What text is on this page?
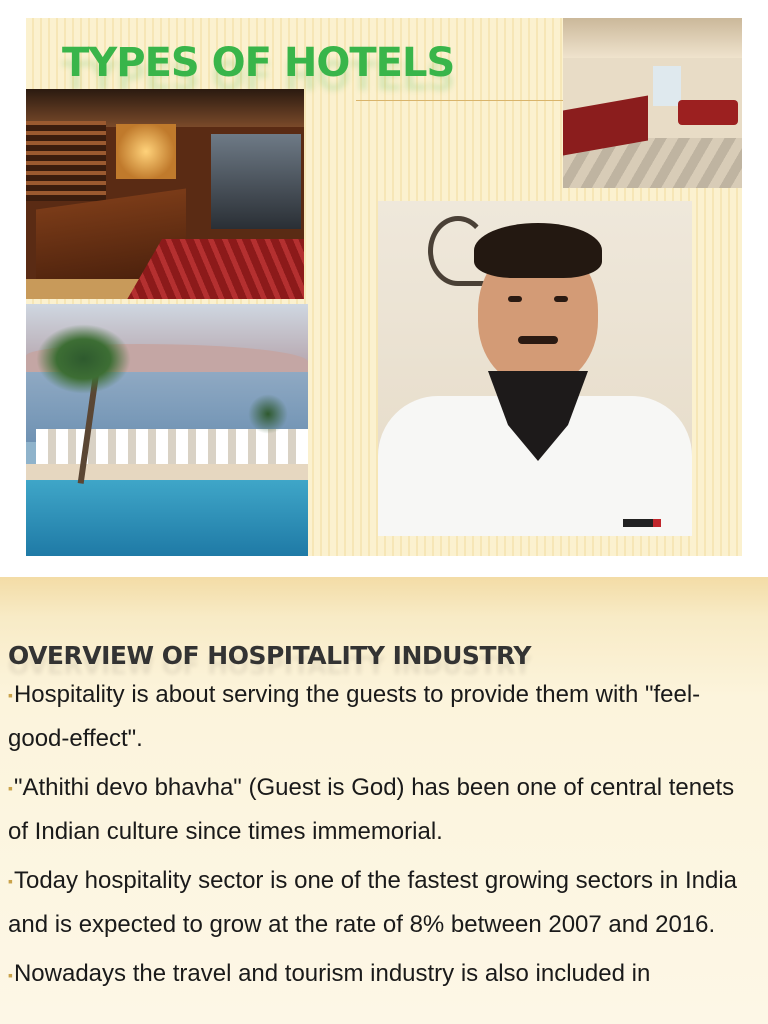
TYPES OF HOTELS
OVERVIEW OF HOSPITALITY INDUSTRY
▪Hospitality is about serving the guests to provide them with "feel-good-effect".
▪"Athithi devo bhavha" (Guest is God) has been one of central tenets of Indian culture since times immemorial.
▪Today hospitality sector is one of the fastest growing sectors in India and is expected to grow at the rate of 8% between 2007 and 2016.
▪Nowadays the travel and tourism industry is also included in
